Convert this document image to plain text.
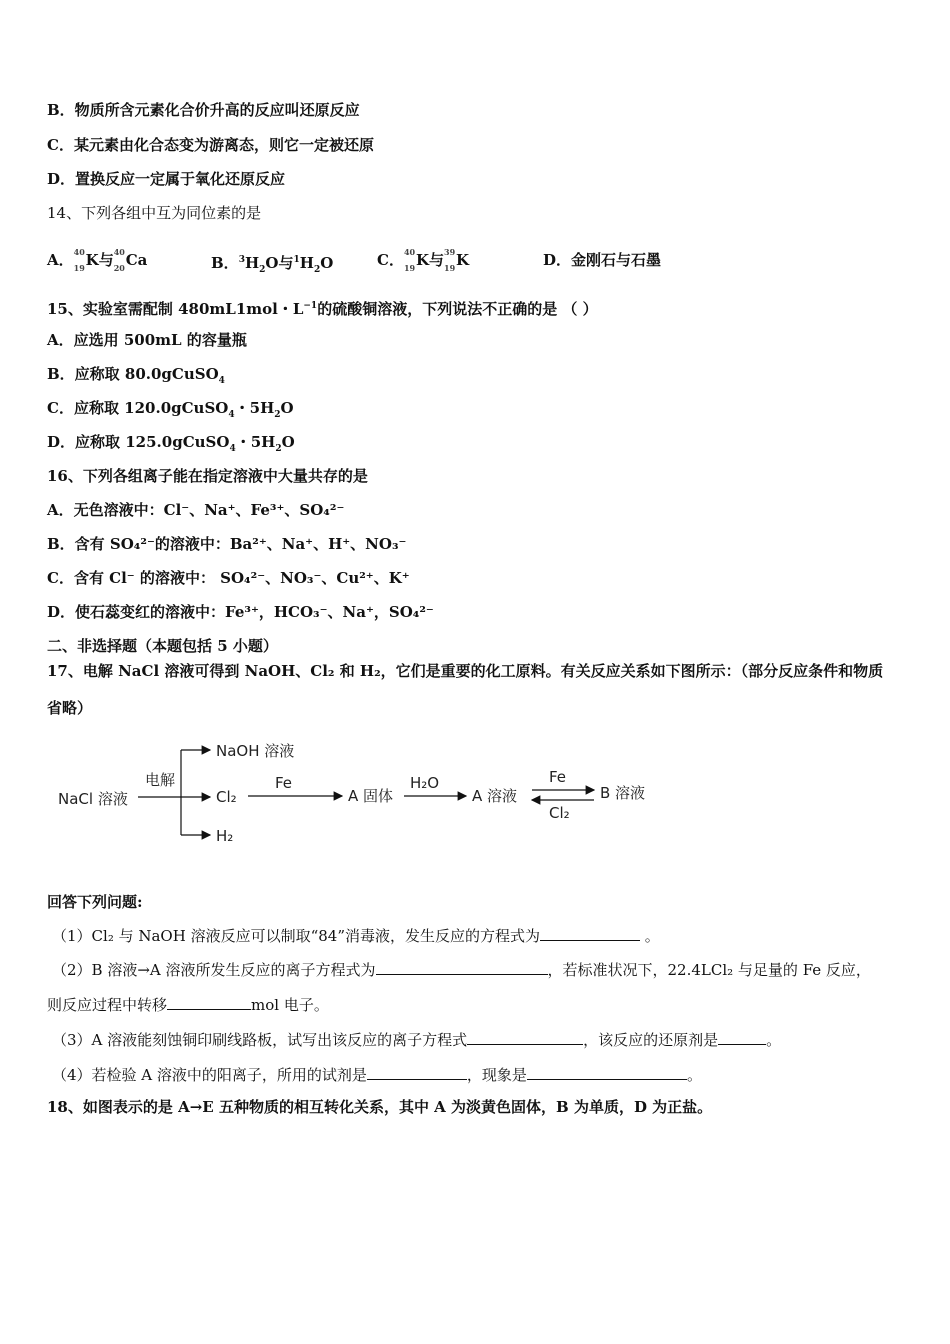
B．物质所含元素化合价升高的反应叫还原反应
C．某元素由化合态变为游离态，则它一定被还原
D．置换反应一定属于氧化还原反应
14、下列各组中互为同位素的是
A． 40
19 K与 40
20 Ca	B．$^3H_2O$与$^1H_2O$	C． 40
19 K与 39
19 K	D．金刚石与石墨
15、实验室需配制 480mL1mol・$L^{-1}$的硫酸铜溶液，下列说法不正确的是 （ ）
A．应选用 500mL 的容量瓶
B．应称取 80.0gCuSO$_4$
C．应称取 120.0gCuSO$_4$・$5H_2O$
D．应称取 125.0gCuSO$_4$・$5H_2O$
16、下列各组离子能在指定溶液中大量共存的是
A．无色溶液中：Cl⁻、Na⁺、Fe³⁺、SO₄²⁻
B．含有 SO₄²⁻的溶液中：Ba²⁺、Na⁺、H⁺、NO₃⁻
C．含有 Cl⁻ 的溶液中： SO₄²⁻、NO₃⁻、Cu²⁺、K⁺
D．使石蕊变红的溶液中：Fe³⁺，HCO₃⁻、Na⁺，SO₄²⁻
二、非选择题（本题包括 5 小题）
17、电解 NaCl 溶液可得到 NaOH、Cl₂ 和 H₂，它们是重要的化工原料。有关反应关系如下图所示：（部分反应条件和物质
省略）
NaCl 溶液
电解
NaOH 溶液
Cl₂
H₂
Fe
A 固体
H₂O
A 溶液
Fe
Cl₂
B 溶液
回答下列问题:
（1）Cl₂ 与 NaOH 溶液反应可以制取“84”消毒液，发生反应的方程式为	。
（2）B 溶液→A 溶液所发生反应的离子方程式为	，若标准状况下，22.4LCl₂ 与足量的 Fe 反应，
则反应过程中转移	mol 电子。
（3）A 溶液能刻蚀铜印刷线路板，试写出该反应的离子方程式	，该反应的还原剂是	。
（4）若检验 A 溶液中的阳离子，所用的试剂是	，现象是	。
18、如图表示的是 A→E 五种物质的相互转化关系，其中 A 为淡黄色固体，B 为单质，D 为正盐。
